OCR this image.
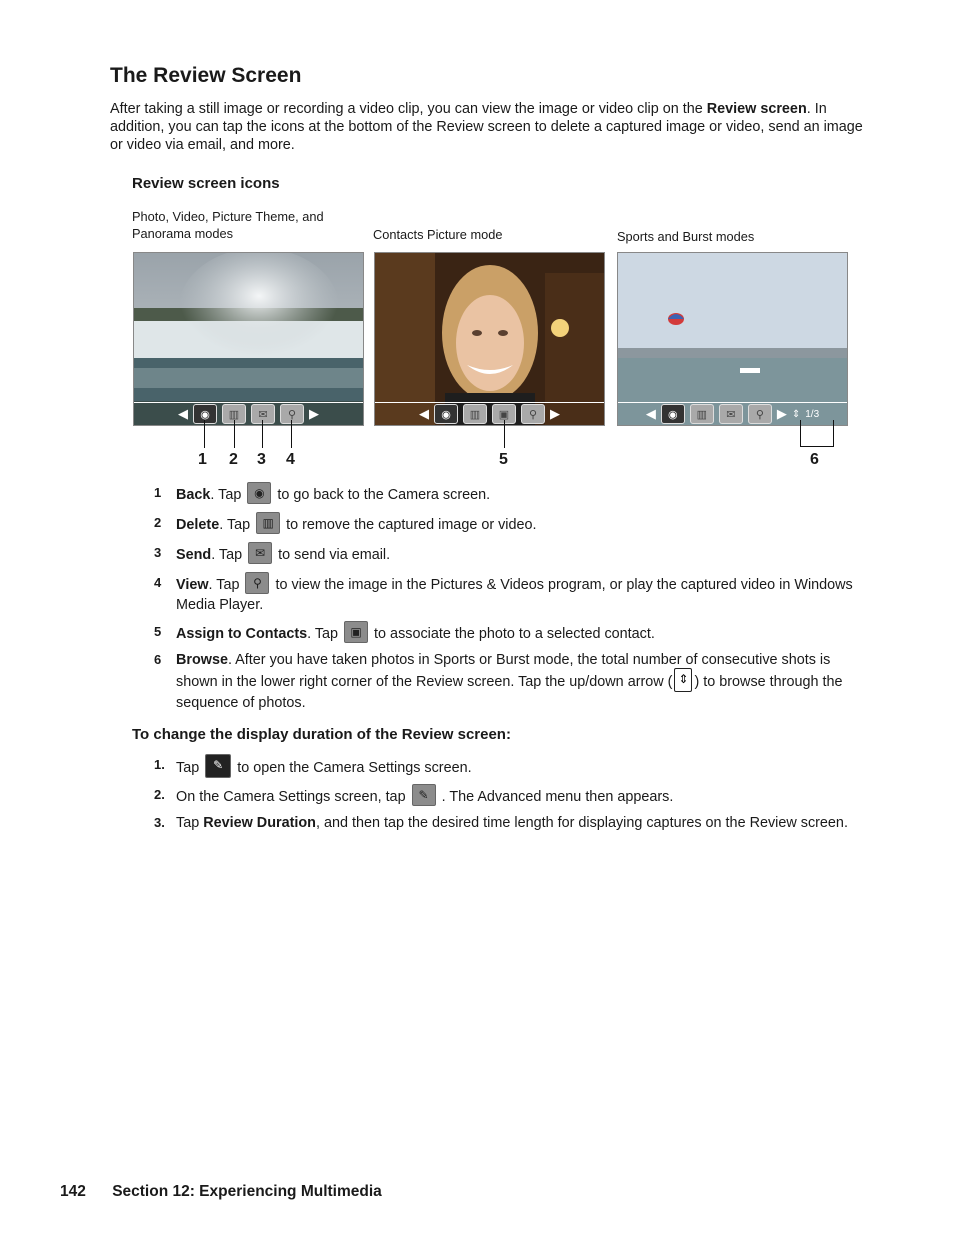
The Review Screen
After taking a still image or recording a video clip, you can view the image or video clip on the Review screen. In addition, you can tap the icons at the bottom of the Review screen to delete a captured image or video, send an image or video via email, and more.
Review screen icons
Photo, Video, Picture Theme, and Panorama modes	Contacts Picture mode	Sports and Burst modes
◀	◉	▥	✉	⚲ ▶	◀	◉	▥	▣	⚲ ▶	◀	◉	▥	✉	⚲ ▶ ⇕ 1/3
1 2 3 4	5	6
1 Back. Tap ◉ to go back to the Camera screen.
2 Delete. Tap ▥ to remove the captured image or video.
3 Send. Tap ✉ to send via email.
4 View. Tap ⚲ to view the image in the Pictures & Videos program, or play the captured video in Windows Media Player.
5 Assign to Contacts. Tap ▣ to associate the photo to a selected contact.
6 Browse. After you have taken photos in Sports or Burst mode, the total number of consecutive shots is shown in the lower right corner of the Review screen. Tap the up/down arrow ( ⇕ ) to browse through the sequence of photos.
To change the display duration of the Review screen:
1. Tap ✎ to open the Camera Settings screen.
2. On the Camera Settings screen, tap ✎ . The Advanced menu then appears.
3. Tap Review Duration, and then tap the desired time length for displaying captures on the Review screen.
142 Section 12: Experiencing Multimedia
